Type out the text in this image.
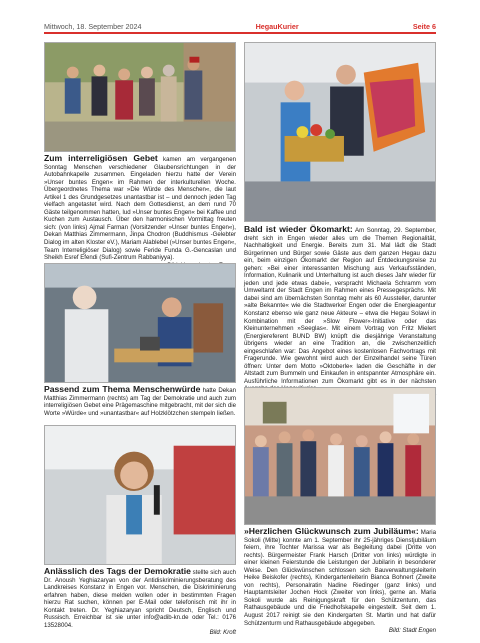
Mittwoch, 18. September 2024	HegauKurier	Seite 6

Zum interreligiösen Gebet kamen am vergangenen Sonntag Menschen verschiedener Glaubensrichtungen in der Autobahnkapelle zusammen. Eingeladen hierzu hatte der Verein »Unser buntes Engen« im Rahmen der interkulturellen Woche. Übergeordnetes Thema war »Die Würde des Menschen«, die laut Artikel 1 des Grundgesetzes unantastbar ist – und dennoch jeden Tag vielfach angetastet wird. Nach dem Gottesdienst, an dem rund 70 Gäste teilgenommen hatten, lud »Unser buntes Engen« bei Kaffee und Kuchen zum Austausch. Über den harmonischen Vormittag freuten sich: (von links) Ajmal Farman (Vorsitzender »Unser buntes Engen«), Dekan Matthias Zimmermann, Jinpa Chodron (Buddhismus -Gelebter Dialog im alten Kloster eV.), Mariam Alablebel (»Unser buntes Engen«, Team Interreligiöser Dialog) sowie Feride Funda G.-Gencaslan und Sheikh Esref Efendi (Sufi-Zentrum Rabbaniyya).

Bald ist wieder Ökomarkt: Am Sonntag, 29. September, dreht sich in Engen wieder alles um die Themen Regionalität, Nachhaltigkeit und Energie. Bereits zum 31. Mal lädt die Stadt Bürgerinnen und Bürger sowie Gäste aus dem ganzen Hegau dazu ein, beim einzigen Ökomarkt der Region auf Entdeckungsreise zu gehen: »Bei einer interessanten Mischung aus Verkaufsständen, Information, Kulinarik und Unterhaltung ist auch dieses Jahr wieder für jeden und jede etwas dabei«, verspracht Michaela Schramm vom Umweltamt der Stadt Engen im Rahmen eines Pressegesprächs. Mit dabei sind am übernächsten Sonntag mehr als 60 Aussteller, darunter »alte Bekannte« wie die Stadtwerker Engen oder die Energieagentur Konstanz ebenso wie ganz neue Akteure – etwa die Hegau Solawi in Kombination mit der »Slow Flower«-Initiative oder das Kleinunternehmen »Seeglas«. Mit einem Vortrag von Fritz Mielert (Energiereferent BUND BW) knüpft die diesjährige Veranstaltung übrigens wieder an eine Tradition an, die zwischenzeitlich eingeschlafen war: Das Angebot eines kostenlosen Fachvortrags mit Fragerunde. Wie gewohnt wird auch der Einzelhandel seine Türen öffnen: Unter dem Motto »Oktoberle« laden die Geschäfte in der Altstadt zum Bummeln und Einkaufen in entspannter Atmosphäre ein. Ausführliche Informationen zum Ökomarkt gibt es in der nächsten

Passend zum Thema Menschenwürde hatte Dekan Matthias Zimmermann (rechts) am Tag der Demokratie und auch zum interreligiösen Gebet eine Prägemaschine mitgebracht, mit der sich die Worte »Würde« und »unantastbar« auf Holzklötzchen stempeln ließen.

Anlässlich des Tags der Demokratie stellte sich auch Dr. Anoush Yeghiazaryan von der Antidiskriminierungsberatung des Landkreises Konstanz in Engen vor. Menschen, die Diskriminierung erfahren haben, diese melden wollen oder in bestimmten Fragen hierzu Rat suchen, können per E-Mail oder telefonisch mit ihr in Kontakt treten. Dr. Yeghiazaryan spricht Deutsch, Englisch und Russisch. Erreichbar ist sie unter info@adib-kn.de oder Tel.: 0176 13528004.

Bild: Kroft

»Herzlichen Glückwunsch zum Jubiläum«: Maria Sokoli (Mitte) konnte am 1. September ihr 25-jähriges Dienstjubiläum feiern, ihre Tochter Marissa war als Begleitung dabei (Dritte von rechts). Bürgermeister Frank Harsch (Dritter von links) würdigte in einer kleinen Feierstunde die Leistungen der Jubilarin in besonderer Weise. Den Glückwünschen schlossen sich Bauverwaltungsleiterin Heike Beiskofer (rechts), Kindergartenleiterin Bianca Bohnert (Zweite von rechts), Personalratin Nadine Riedinger (ganz links) und Hauptamtsleiter Jochen Hock (Zweiter von links), gerne an. Maria Sokoli wurde als Reinigungskraft für den Schützentunn, das Rathausgebäude und die Friedhofskapelle eingestellt. Seit dem 1. August 2017 reinigt sie den Kindergarten St. Martin und hat dafür Schützenturm und Rathausgebäude abgegeben.

Bild: Stadt Engen
